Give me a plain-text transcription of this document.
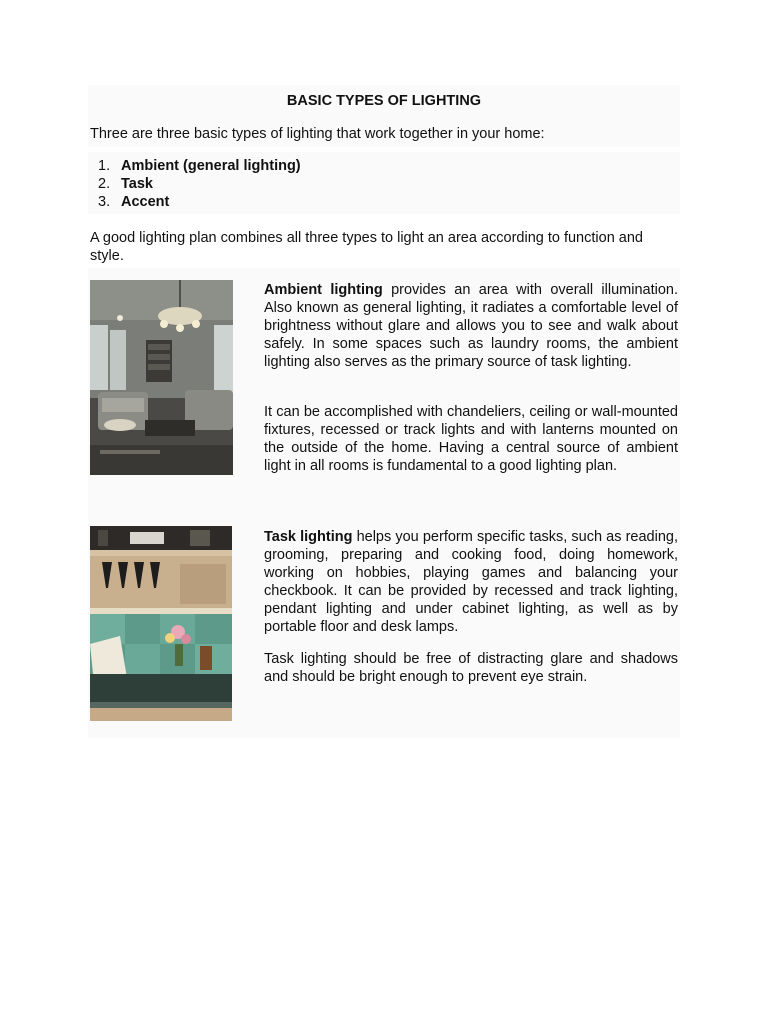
BASIC TYPES OF LIGHTING
Three are three basic types of lighting that work together in your home:
1. Ambient (general lighting)
2. Task
3. Accent
A good lighting plan combines all three types to light an area according to function and style.
Ambient lighting provides an area with overall illumination. Also known as general lighting, it radiates a comfortable level of brightness without glare and allows you to see and walk about safely. In some spaces such as laundry rooms, the ambient lighting also serves as the primary source of task lighting.
It can be accomplished with chandeliers, ceiling or wall-mounted fixtures, recessed or track lights and with lanterns mounted on the outside of the home. Having a central source of ambient light in all rooms is fundamental to a good lighting plan.
Task lighting helps you perform specific tasks, such as reading, grooming, preparing and cooking food, doing homework, working on hobbies, playing games and balancing your checkbook. It can be provided by recessed and track lighting, pendant lighting and under cabinet lighting, as well as by portable floor and desk lamps.
Task lighting should be free of distracting glare and shadows and should be bright enough to prevent eye strain.
